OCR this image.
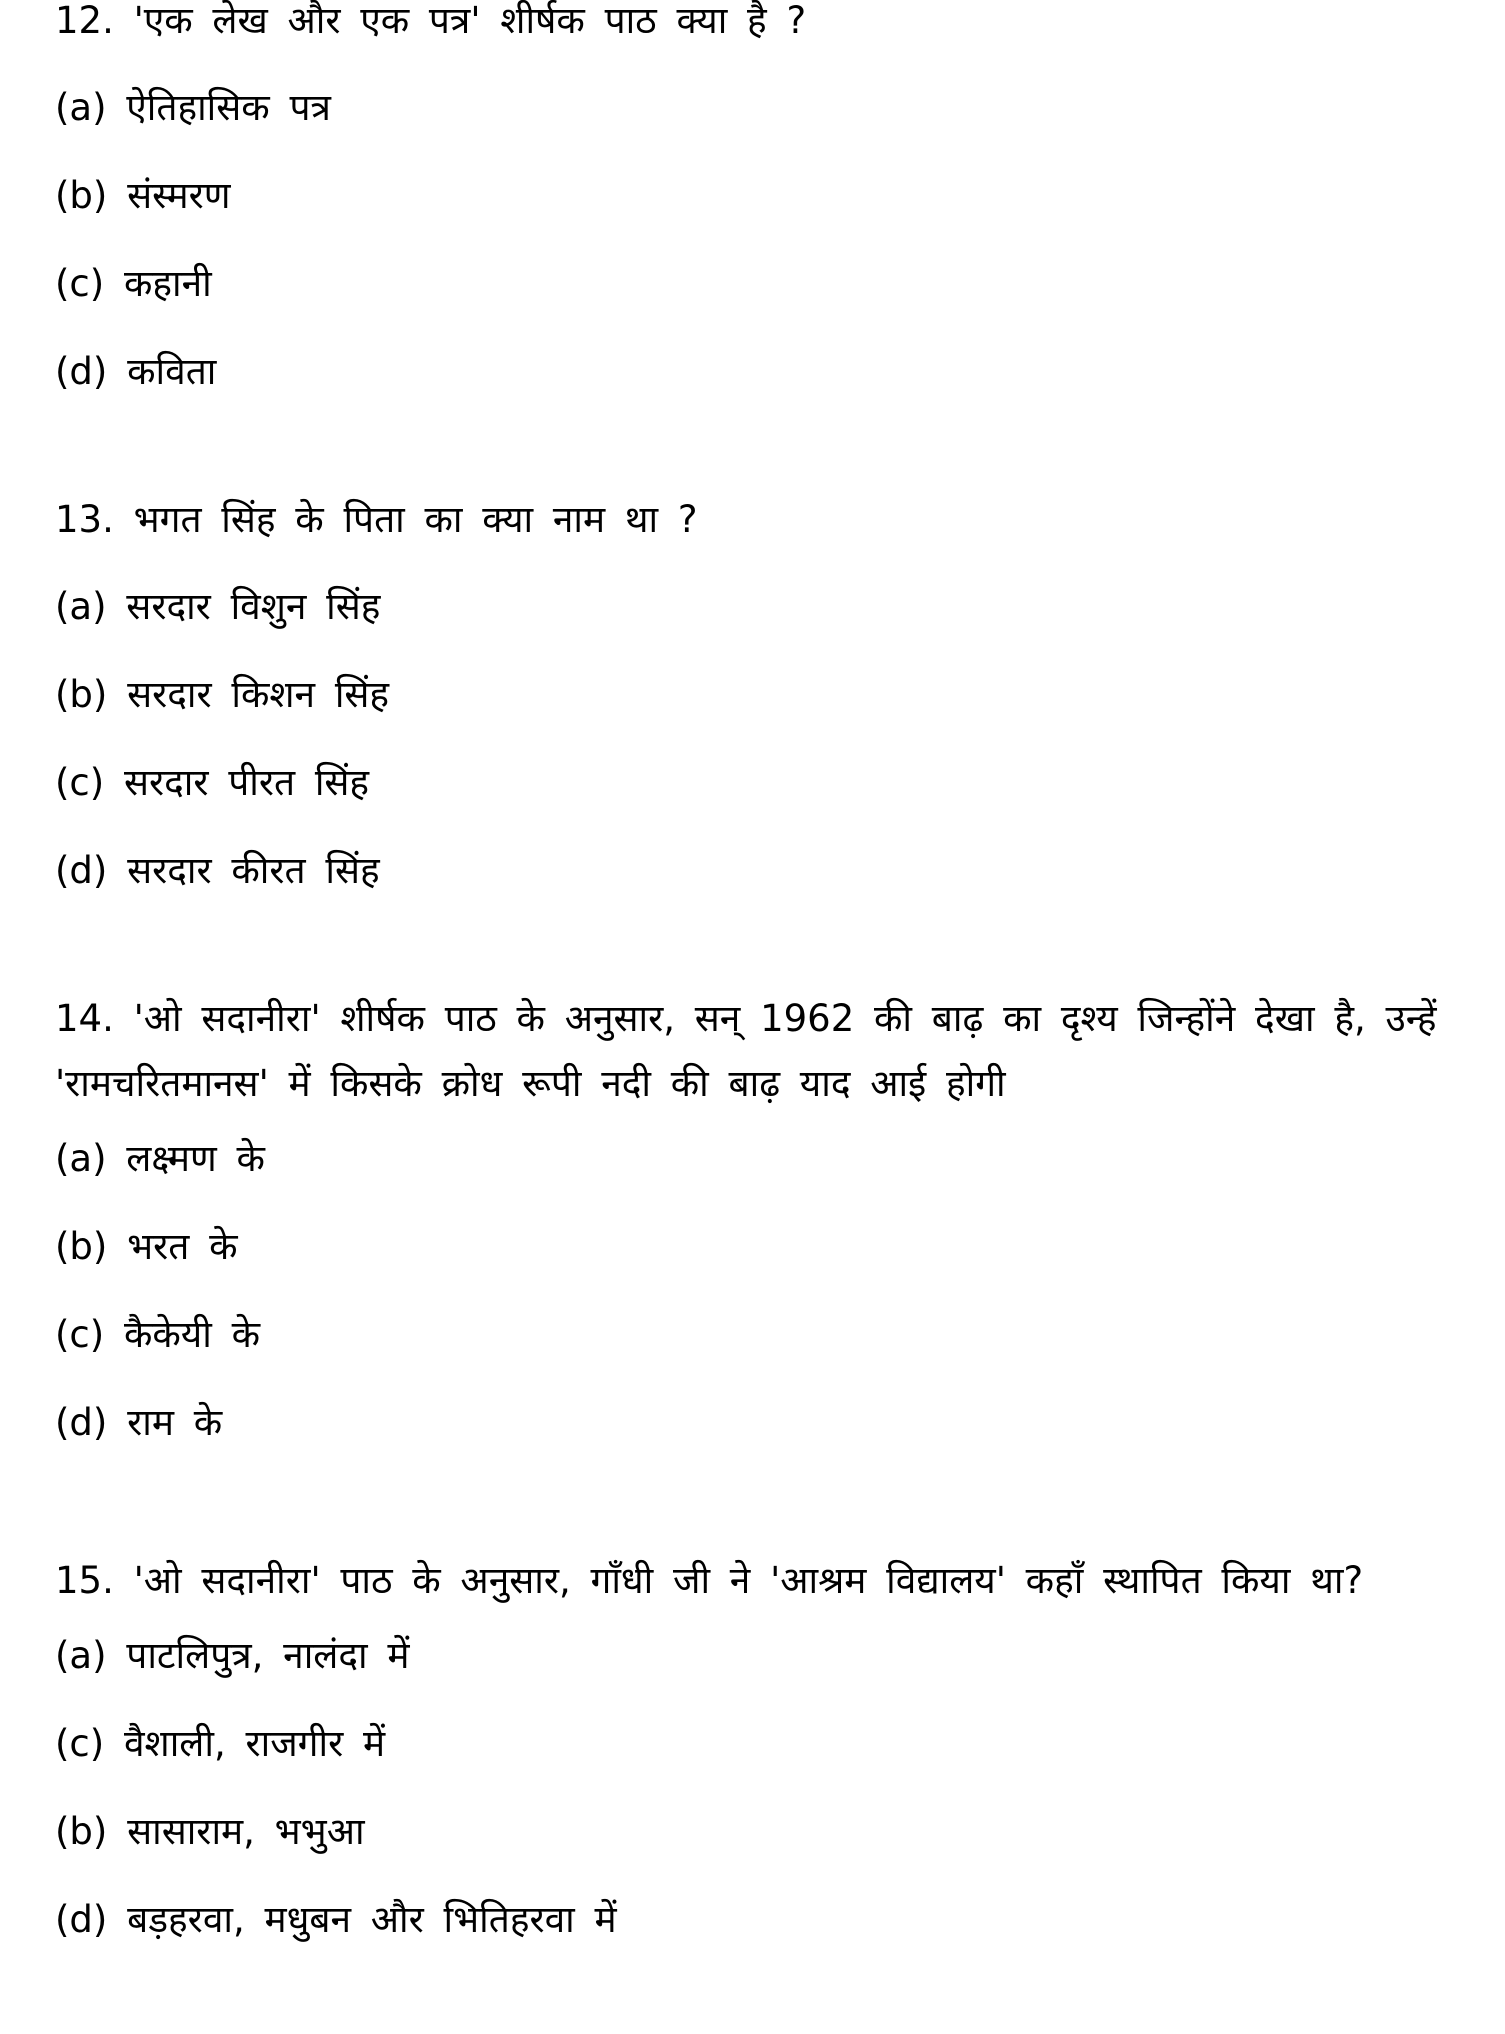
12. 'एक लेख और एक पत्र' शीर्षक पाठ क्या है ?

(a) ऐतिहासिक पत्र
(b) संस्मरण
(c) कहानी
(d) कविता

13. भगत सिंह के पिता का क्या नाम था ?

(a) सरदार विशुन सिंह
(b) सरदार किशन सिंह
(c) सरदार पीरत सिंह
(d) सरदार कीरत सिंह

14. 'ओ सदानीरा' शीर्षक पाठ के अनुसार, सन् 1962 की बाढ़ का दृश्य जिन्होंने देखा है, उन्हें 'रामचरितमानस' में किसके क्रोध रूपी नदी की बाढ़ याद आई होगी

(a) लक्ष्मण के
(b) भरत के
(c) कैकेयी के
(d) राम के

15. 'ओ सदानीरा' पाठ के अनुसार, गाँधी जी ने 'आश्रम विद्यालय' कहाँ स्थापित किया था?

(a) पाटलिपुत्र, नालंदा में
(c) वैशाली, राजगीर में
(b) सासाराम, भभुआ
(d) बड़हरवा, मधुबन और भितिहरवा में
